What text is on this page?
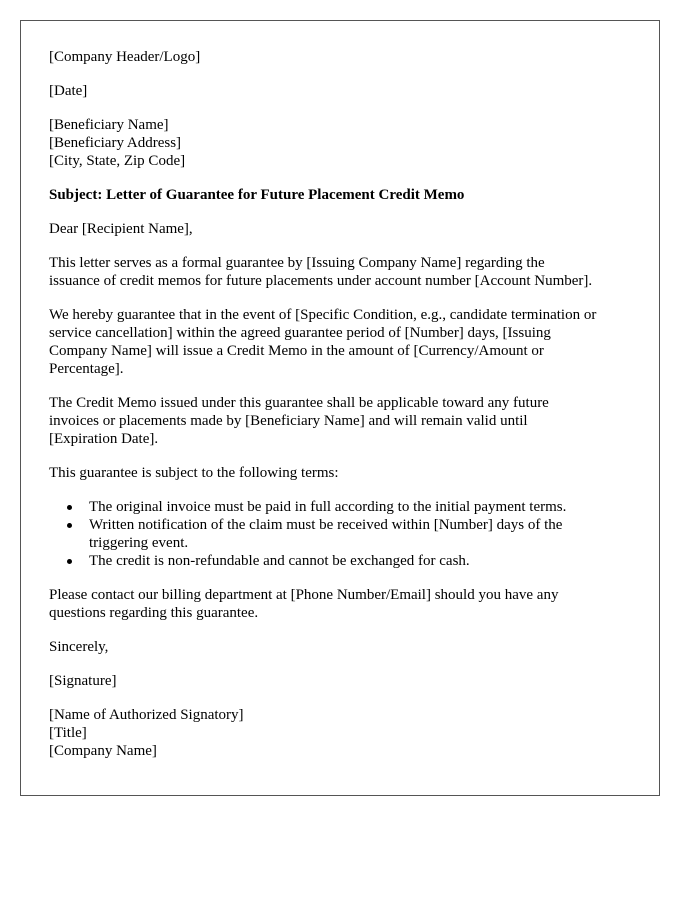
[Company Header/Logo]
[Date]
[Beneficiary Name]
[Beneficiary Address]
[City, State, Zip Code]
Subject: Letter of Guarantee for Future Placement Credit Memo
Dear [Recipient Name],
This letter serves as a formal guarantee by [Issuing Company Name] regarding the
issuance of credit memos for future placements under account number [Account Number].
We hereby guarantee that in the event of [Specific Condition, e.g., candidate termination or
service cancellation] within the agreed guarantee period of [Number] days, [Issuing
Company Name] will issue a Credit Memo in the amount of [Currency/Amount or
Percentage].
The Credit Memo issued under this guarantee shall be applicable toward any future
invoices or placements made by [Beneficiary Name] and will remain valid until
[Expiration Date].
This guarantee is subject to the following terms:
The original invoice must be paid in full according to the initial payment terms.
Written notification of the claim must be received within [Number] days of the
triggering event.
The credit is non-refundable and cannot be exchanged for cash.
Please contact our billing department at [Phone Number/Email] should you have any
questions regarding this guarantee.
Sincerely,
[Signature]
[Name of Authorized Signatory]
[Title]
[Company Name]
